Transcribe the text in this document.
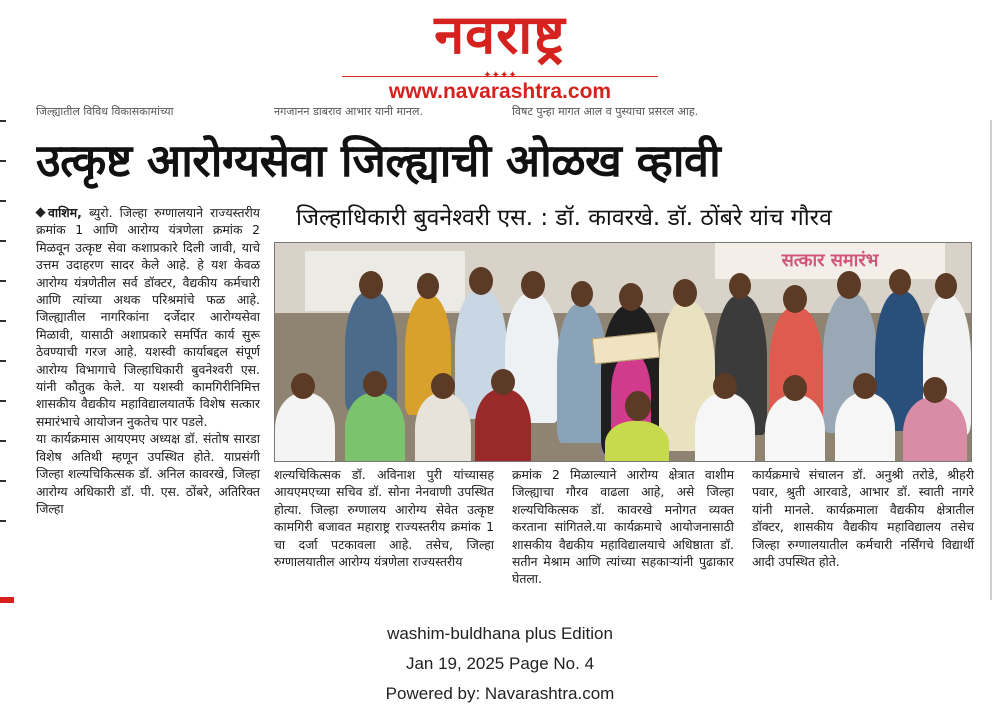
नवराष्ट्र
✦✦✦✦
www.navarashtra.com
जिल्ह्यातील विविध विकासकामांच्या	नगजानन डाबराव आभार यानी मानल.	विषट पुन्हा मागत आल व पुस्याचा प्रसरल आह.
उत्कृष्ट आरोग्यसेवा जिल्ह्याची ओळख व्हावी
जिल्हाधिकारी बुवनेश्वरी एस. : डॉ. कावरखे. डॉ. ठोंबरे यांच गौरव

वाशिम, ब्युरो. जिल्हा रुग्णालयाने राज्यस्तरीय क्रमांक 1 आणि आरोग्य यंत्रणेला क्रमांक 2 मिळवून उत्कृष्ट सेवा कशाप्रकारे दिली जावी, याचे उत्तम उदाहरण सादर केले आहे. हे यश केवळ आरोग्य यंत्रणेतील सर्व डॉक्टर, वैद्यकीय कर्मचारी आणि त्यांच्या अथक परिश्रमांचे फळ आहे. जिल्ह्यातील नागरिकांना दर्जेदार आरोग्यसेवा मिळावी, यासाठी अशाप्रकारे समर्पित कार्य सुरू ठेवण्याची गरज आहे. यशस्वी कार्याबद्दल संपूर्ण आरोग्य विभागाचे जिल्हाधिकारी बुवनेश्वरी एस. यांनी कौतुक केले. या यशस्वी कामगिरीनिमित्त शासकीय वैद्यकीय महाविद्यालयातर्फे विशेष सत्कार समारंभाचे आयोजन नुकतेच पार पडले.

या कार्यक्रमास आयएमए अध्यक्ष डॉ. संतोष सारडा विशेष अतिथी म्हणून उपस्थित होते. याप्रसंगी जिल्हा शल्यचिकित्सक डॉ. अनिल कावरखे, जिल्हा आरोग्य अधिकारी डॉ. पी. एस. ठोंबरे, अतिरिक्त जिल्हा

सत्कार समारंभ
शल्यचिकित्सक डॉ. अविनाश पुरी यांच्यासह आयएमएच्या सचिव डॉ. सोना नेनवाणी उपस्थित होत्या. जिल्हा रुग्णालय आरोग्य सेवेत उत्कृष्ट कामगिरी बजावत महाराष्ट्र राज्यस्तरीय क्रमांक 1 चा दर्जा पटकावला आहे. तसेच, जिल्हा रुग्णालयातील आरोग्य यंत्रणेला राज्यस्तरीय
क्रमांक 2 मिळाल्याने आरोग्य क्षेत्रात वाशीम जिल्ह्याचा गौरव वाढला आहे, असे जिल्हा शल्यचिकित्सक डॉ. कावरखे मनोगत व्यक्त करताना सांगितले.या कार्यक्रमाचे आयोजनासाठी शासकीय वैद्यकीय महाविद्यालयाचे अधिष्ठाता डॉ. सतीन मेश्राम आणि त्यांच्या सहकाऱ्यांनी पुढाकार घेतला.
कार्यक्रमाचे संचालन डॉ. अनुश्री तरोडे, श्रीहरी पवार, श्रुती आरवाडे, आभार डॉ. स्वाती नागरे यांनी मानले. कार्यक्रमाला वैद्यकीय क्षेत्रातील डॉक्टर, शासकीय वैद्यकीय महाविद्यालय तसेच जिल्हा रुग्णालयातील कर्मचारी नर्सिंगचे विद्यार्थी आदी उपस्थित होते.
washim-buldhana plus Edition
Jan 19, 2025 Page No. 4
Powered by: Navarashtra.com
